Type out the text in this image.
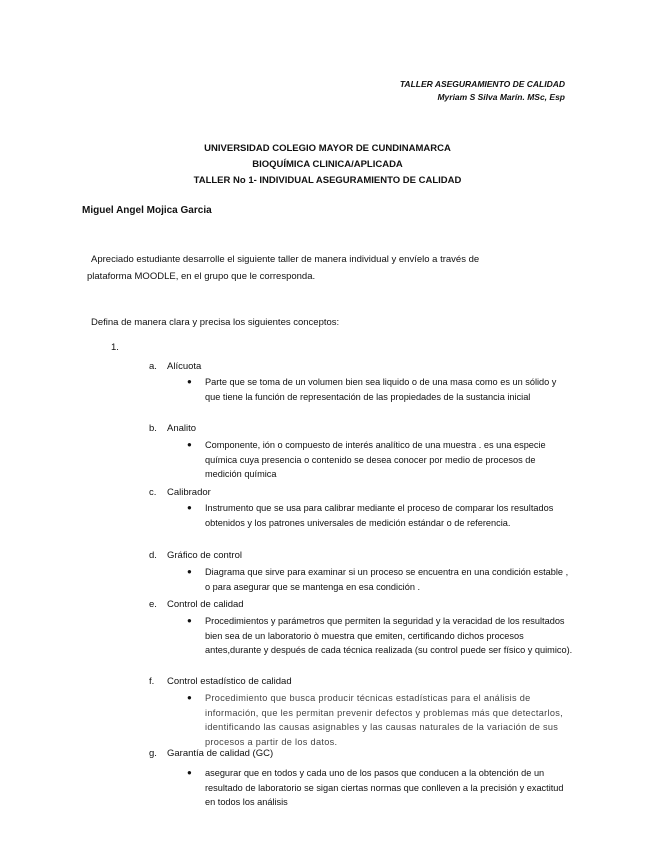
TALLER ASEGURAMIENTO DE CALIDAD
Myriam S Silva Marín. MSc, Esp
UNIVERSIDAD COLEGIO MAYOR DE CUNDINAMARCA
BIOQUÍMICA CLINICA/APLICADA
TALLER No 1- INDIVIDUAL ASEGURAMIENTO DE CALIDAD
Miguel Angel Mojica Garcia
Apreciado estudiante desarrolle el siguiente taller de manera individual y envíelo a través de
plataforma MOODLE, en el grupo que le corresponda.
Defina de manera clara y precisa los siguientes conceptos:
1.
a. Alícuota
●	Parte que se toma de un volumen bien sea liquido o de una masa como es un sólido y que tiene la función de representación de las propiedades de la sustancia inicial
b. Analito
●	Componente, ión o compuesto de interés analítico de una muestra . es una especie química cuya presencia o contenido se desea conocer por medio de procesos de medición química
c. Calibrador
●	Instrumento que se usa para calibrar mediante el proceso de comparar los resultados obtenidos y los patrones universales de medición estándar o de referencia.
d. Gráfico de control
●	Diagrama que sirve para examinar si un proceso se encuentra en una condición estable , o para asegurar que se mantenga en esa condición .
e. Control de calidad
●	Procedimientos y parámetros que permiten la seguridad y la veracidad de los resultados bien sea de un laboratorio ò muestra que emiten, certificando dichos procesos antes,durante y después de cada técnica realizada (su control puede ser físico y quimico).
f. Control estadístico de calidad
●	Procedimiento que busca producir técnicas estadísticas para el análisis de información, que les permitan prevenir defectos y problemas más que detectarlos, identificando las causas asignables y las causas naturales de la variación de sus procesos a partir de los datos.
g. Garantía de calidad (GC)
●	asegurar que en todos y cada uno de los pasos que conducen a la obtención de un resultado de laboratorio se sigan ciertas normas que conlleven a la precisión y exactitud en todos los análisis
